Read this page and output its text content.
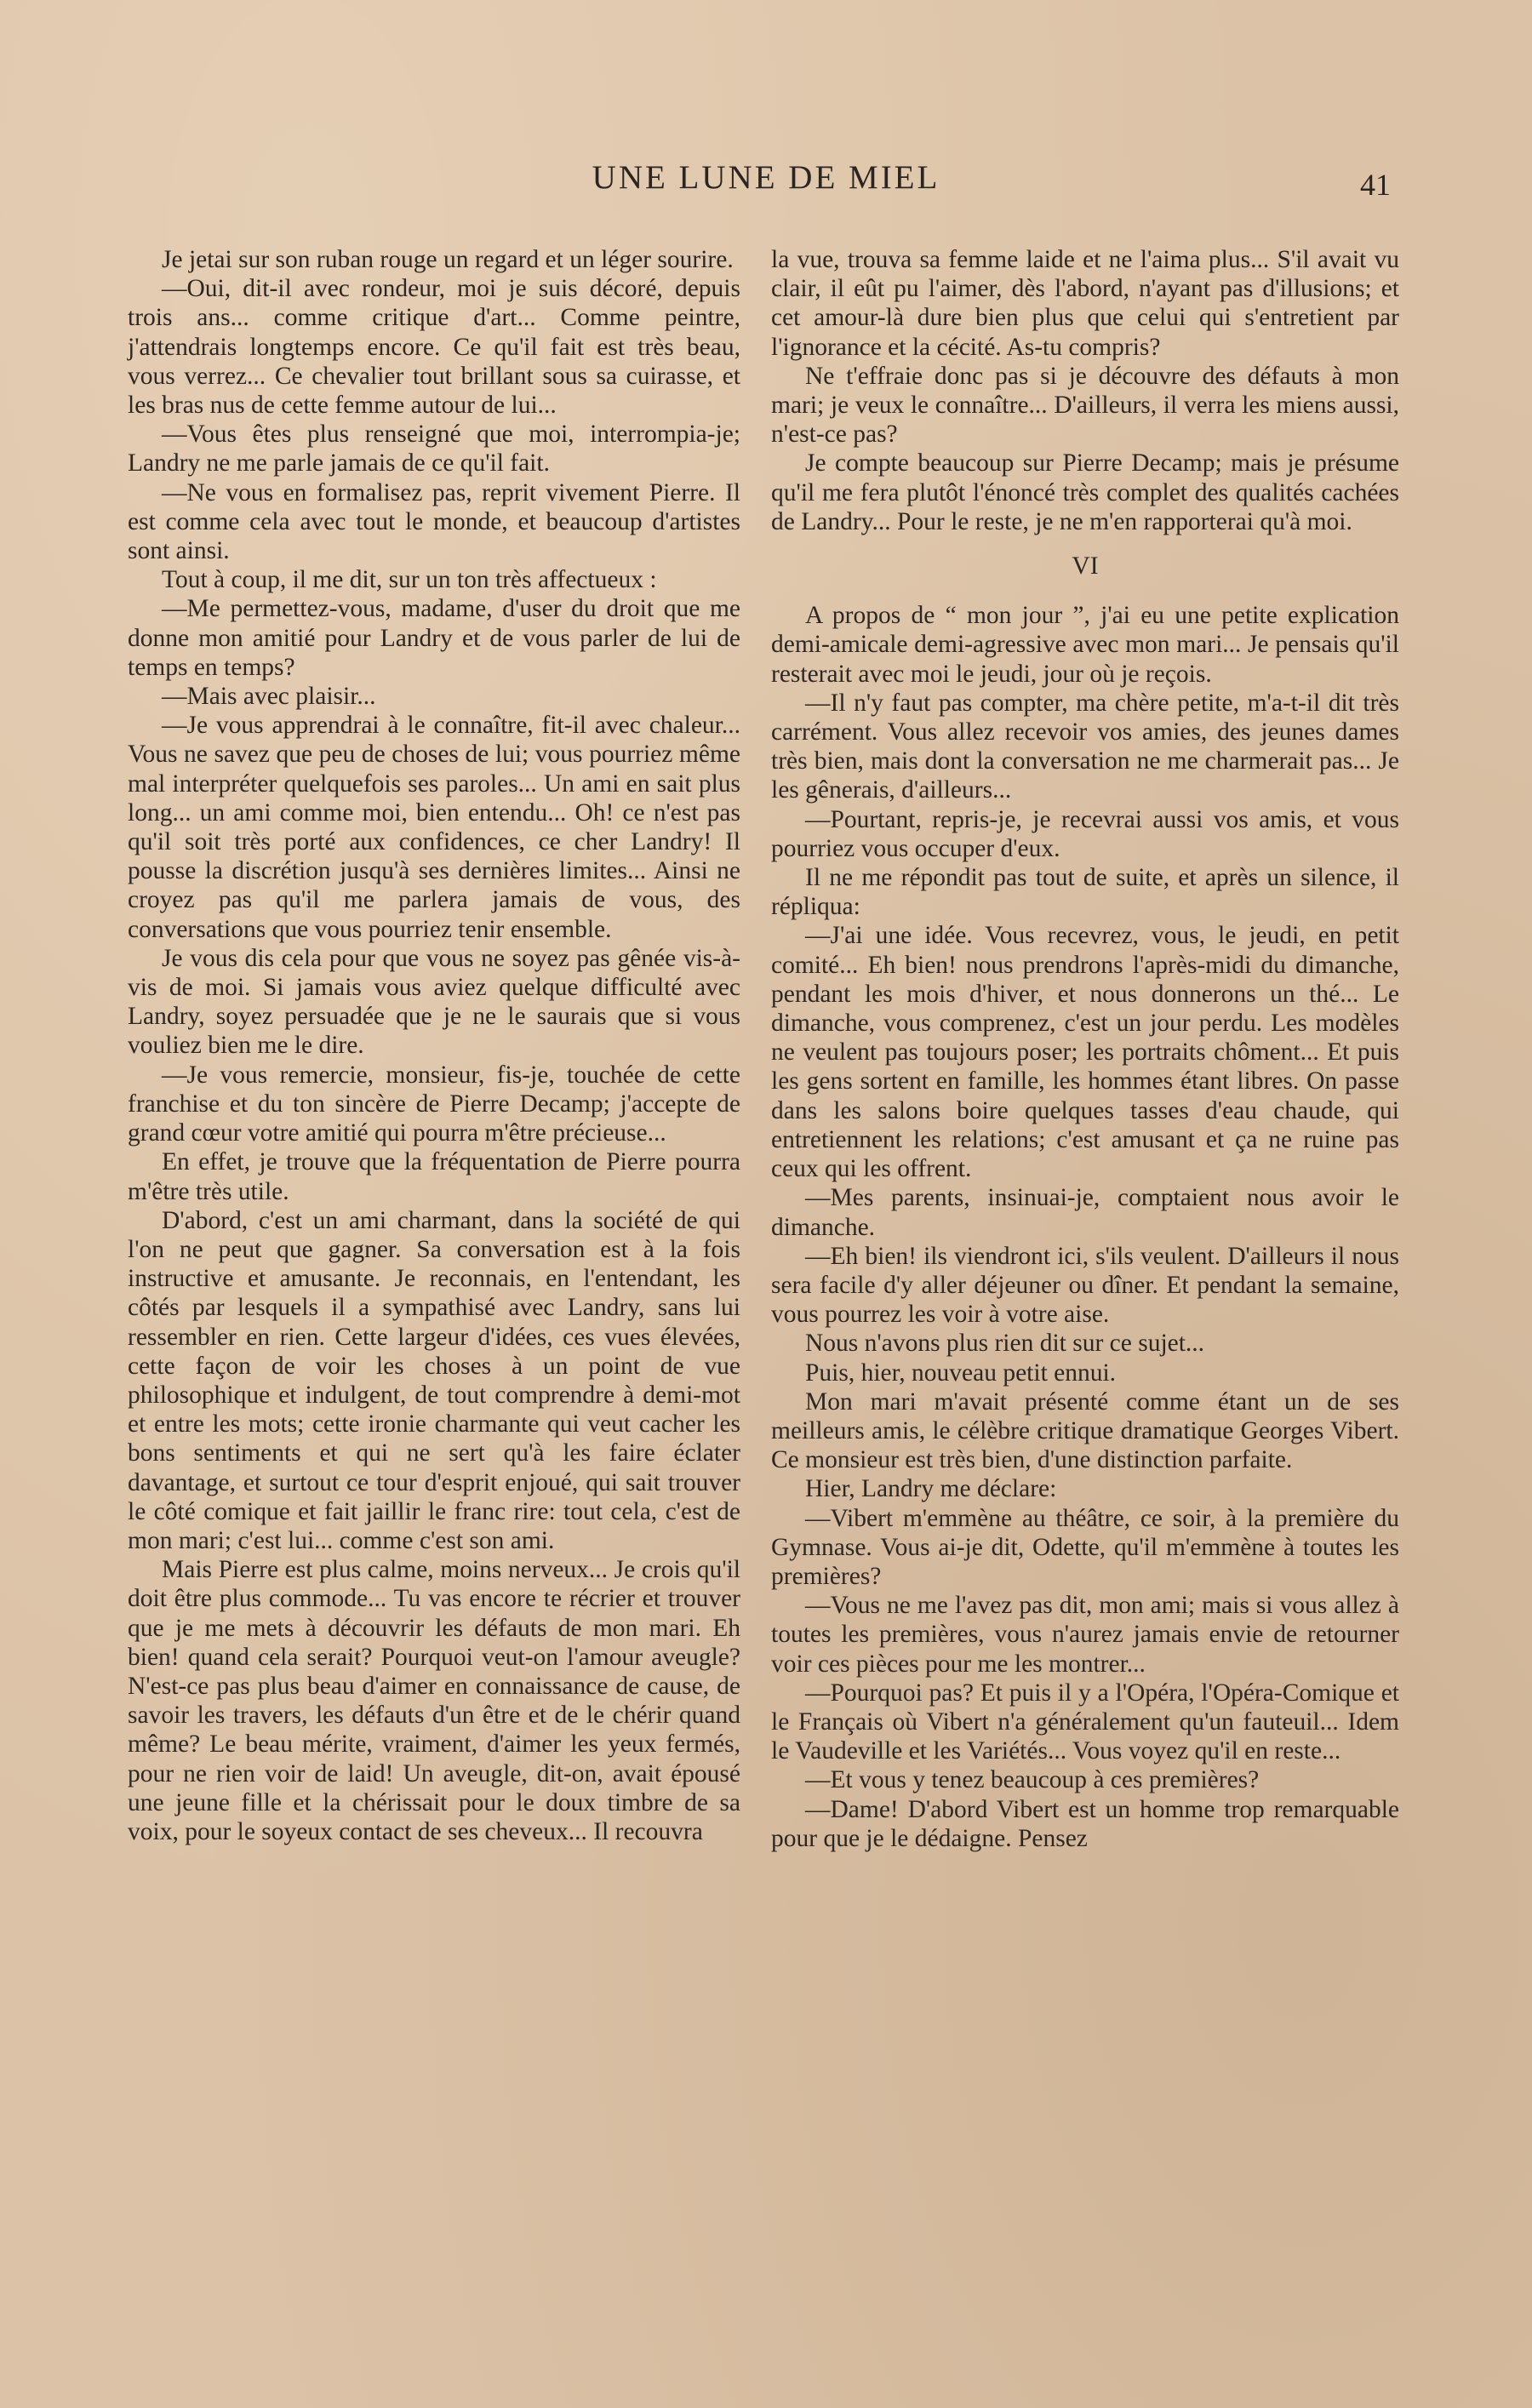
UNE LUNE DE MIEL	41

Je jetai sur son ruban rouge un regard et un léger sourire.

—Oui, dit-il avec rondeur, moi je suis décoré, depuis trois ans... comme critique d'art... Comme peintre, j'attendrais longtemps encore. Ce qu'il fait est très beau, vous verrez... Ce chevalier tout brillant sous sa cuirasse, et les bras nus de cette femme autour de lui...

—Vous êtes plus renseigné que moi, interrompia-je; Landry ne me parle jamais de ce qu'il fait.

—Ne vous en formalisez pas, reprit vivement Pierre. Il est comme cela avec tout le monde, et beaucoup d'artistes sont ainsi.

Tout à coup, il me dit, sur un ton très affectueux :

—Me permettez-vous, madame, d'user du droit que me donne mon amitié pour Landry et de vous parler de lui de temps en temps?

—Mais avec plaisir...

—Je vous apprendrai à le connaître, fit-il avec chaleur... Vous ne savez que peu de choses de lui; vous pourriez même mal interpréter quelquefois ses paroles... Un ami en sait plus long... un ami comme moi, bien entendu... Oh! ce n'est pas qu'il soit très porté aux confidences, ce cher Landry! Il pousse la discrétion jusqu'à ses dernières limites... Ainsi ne croyez pas qu'il me parlera jamais de vous, des conversations que vous pourriez tenir ensemble.

Je vous dis cela pour que vous ne soyez pas gênée vis-à-vis de moi. Si jamais vous aviez quelque difficulté avec Landry, soyez persuadée que je ne le saurais que si vous vouliez bien me le dire.

—Je vous remercie, monsieur, fis-je, touchée de cette franchise et du ton sincère de Pierre Decamp; j'accepte de grand cœur votre amitié qui pourra m'être précieuse...

En effet, je trouve que la fréquentation de Pierre pourra m'être très utile.

D'abord, c'est un ami charmant, dans la société de qui l'on ne peut que gagner. Sa conversation est à la fois instructive et amusante. Je reconnais, en l'entendant, les côtés par lesquels il a sympathisé avec Landry, sans lui ressembler en rien. Cette largeur d'idées, ces vues élevées, cette façon de voir les choses à un point de vue philosophique et indulgent, de tout comprendre à demi-mot et entre les mots; cette ironie charmante qui veut cacher les bons sentiments et qui ne sert qu'à les faire éclater davantage, et surtout ce tour d'esprit enjoué, qui sait trouver le côté comique et fait jaillir le franc rire: tout cela, c'est de mon mari; c'est lui... comme c'est son ami.

Mais Pierre est plus calme, moins nerveux... Je crois qu'il doit être plus commode... Tu vas encore te récrier et trouver que je me mets à découvrir les défauts de mon mari. Eh bien! quand cela serait? Pourquoi veut-on l'amour aveugle? N'est-ce pas plus beau d'aimer en connaissance de cause, de savoir les travers, les défauts d'un être et de le chérir quand même? Le beau mérite, vraiment, d'aimer les yeux fermés, pour ne rien voir de laid! Un aveugle, dit-on, avait épousé une jeune fille et la chérissait pour le doux timbre de sa voix, pour le soyeux contact de ses cheveux... Il recouvra

la vue, trouva sa femme laide et ne l'aima plus... S'il avait vu clair, il eût pu l'aimer, dès l'abord, n'ayant pas d'illusions; et cet amour-là dure bien plus que celui qui s'entretient par l'ignorance et la cécité. As-tu compris?

Ne t'effraie donc pas si je découvre des défauts à mon mari; je veux le connaître... D'ailleurs, il verra les miens aussi, n'est-ce pas?

Je compte beaucoup sur Pierre Decamp; mais je présume qu'il me fera plutôt l'énoncé très complet des qualités cachées de Landry... Pour le reste, je ne m'en rapporterai qu'à moi.

VI

A propos de “ mon jour ”, j'ai eu une petite explication demi-amicale demi-agressive avec mon mari... Je pensais qu'il resterait avec moi le jeudi, jour où je reçois.

—Il n'y faut pas compter, ma chère petite, m'a-t-il dit très carrément. Vous allez recevoir vos amies, des jeunes dames très bien, mais dont la conversation ne me charmerait pas... Je les gênerais, d'ailleurs...

—Pourtant, repris-je, je recevrai aussi vos amis, et vous pourriez vous occuper d'eux.

Il ne me répondit pas tout de suite, et après un silence, il répliqua:

—J'ai une idée. Vous recevrez, vous, le jeudi, en petit comité... Eh bien! nous prendrons l'après-midi du dimanche, pendant les mois d'hiver, et nous donnerons un thé... Le dimanche, vous comprenez, c'est un jour perdu. Les modèles ne veulent pas toujours poser; les portraits chôment... Et puis les gens sortent en famille, les hommes étant libres. On passe dans les salons boire quelques tasses d'eau chaude, qui entretiennent les relations; c'est amusant et ça ne ruine pas ceux qui les offrent.

—Mes parents, insinuai-je, comptaient nous avoir le dimanche.

—Eh bien! ils viendront ici, s'ils veulent. D'ailleurs il nous sera facile d'y aller déjeuner ou dîner. Et pendant la semaine, vous pourrez les voir à votre aise.

Nous n'avons plus rien dit sur ce sujet...

Puis, hier, nouveau petit ennui.

Mon mari m'avait présenté comme étant un de ses meilleurs amis, le célèbre critique dramatique Georges Vibert. Ce monsieur est très bien, d'une distinction parfaite.

Hier, Landry me déclare:

—Vibert m'emmène au théâtre, ce soir, à la première du Gymnase. Vous ai-je dit, Odette, qu'il m'emmène à toutes les premières?

—Vous ne me l'avez pas dit, mon ami; mais si vous allez à toutes les premières, vous n'aurez jamais envie de retourner voir ces pièces pour me les montrer...

—Pourquoi pas? Et puis il y a l'Opéra, l'Opéra-Comique et le Français où Vibert n'a généralement qu'un fauteuil... Idem le Vaudeville et les Variétés... Vous voyez qu'il en reste...

—Et vous y tenez beaucoup à ces premières?

—Dame! D'abord Vibert est un homme trop remarquable pour que je le dédaigne. Pensez
